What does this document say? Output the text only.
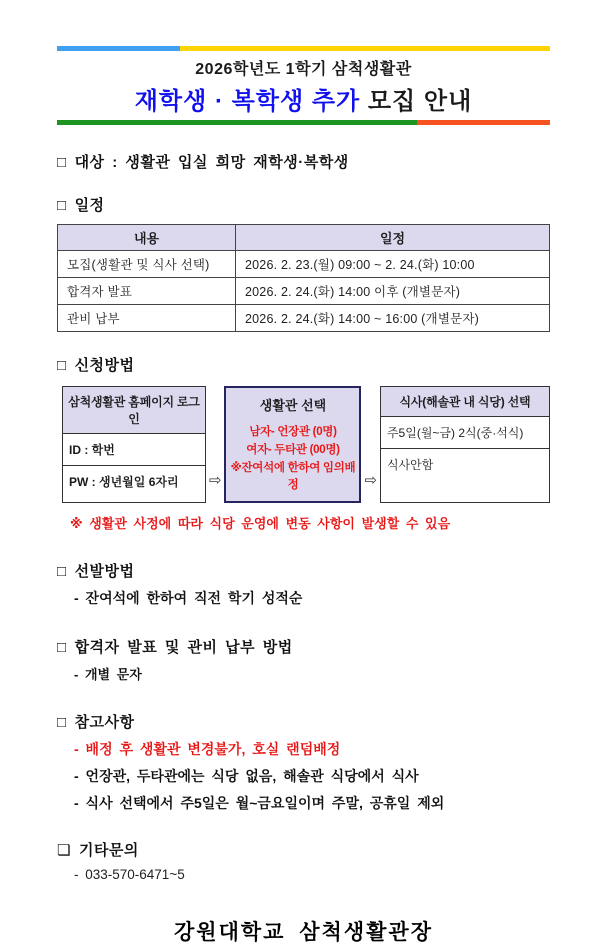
2026학년도 1학기 삼척생활관
재학생 · 복학생 추가 모집 안내
□ 대상 : 생활관 입실 희망 재학생·복학생
□ 일정
내용	일정
모집(생활관 및 식사 선택)	2026. 2. 23.(월) 09:00 ~ 2. 24.(화) 10:00
합격자 발표	2026. 2. 24.(화) 14:00 이후 (개별문자)
관비 납부	2026. 2. 24.(화) 14:00 ~ 16:00 (개별문자)
□ 신청방법
삼척생활관 홈페이지 로그인
ID : 학번
PW : 생년월일 6자리	⇨
생활관 선택
남자- 언장관 (0명)
여자- 두타관 (00명)
※잔여석에 한하여 임의배정	⇨
식사(해솔관 내 식당) 선택
주5일(월~금) 2식(중·석식)
식사안함
※ 생활관 사정에 따라 식당 운영에 변동 사항이 발생할 수 있음
□ 선발방법
- 잔여석에 한하여 직전 학기 성적순
□ 합격자 발표 및 관비 납부 방법
- 개별 문자
□ 참고사항
- 배정 후 생활관 변경불가, 호실 랜덤배정
- 언장관, 두타관에는 식당 없음, 해솔관 식당에서 식사
- 식사 선택에서 주5일은 월~금요일이며 주말, 공휴일 제외
❏ 기타문의
- 033-570-6471~5
강원대학교 삼척생활관장
